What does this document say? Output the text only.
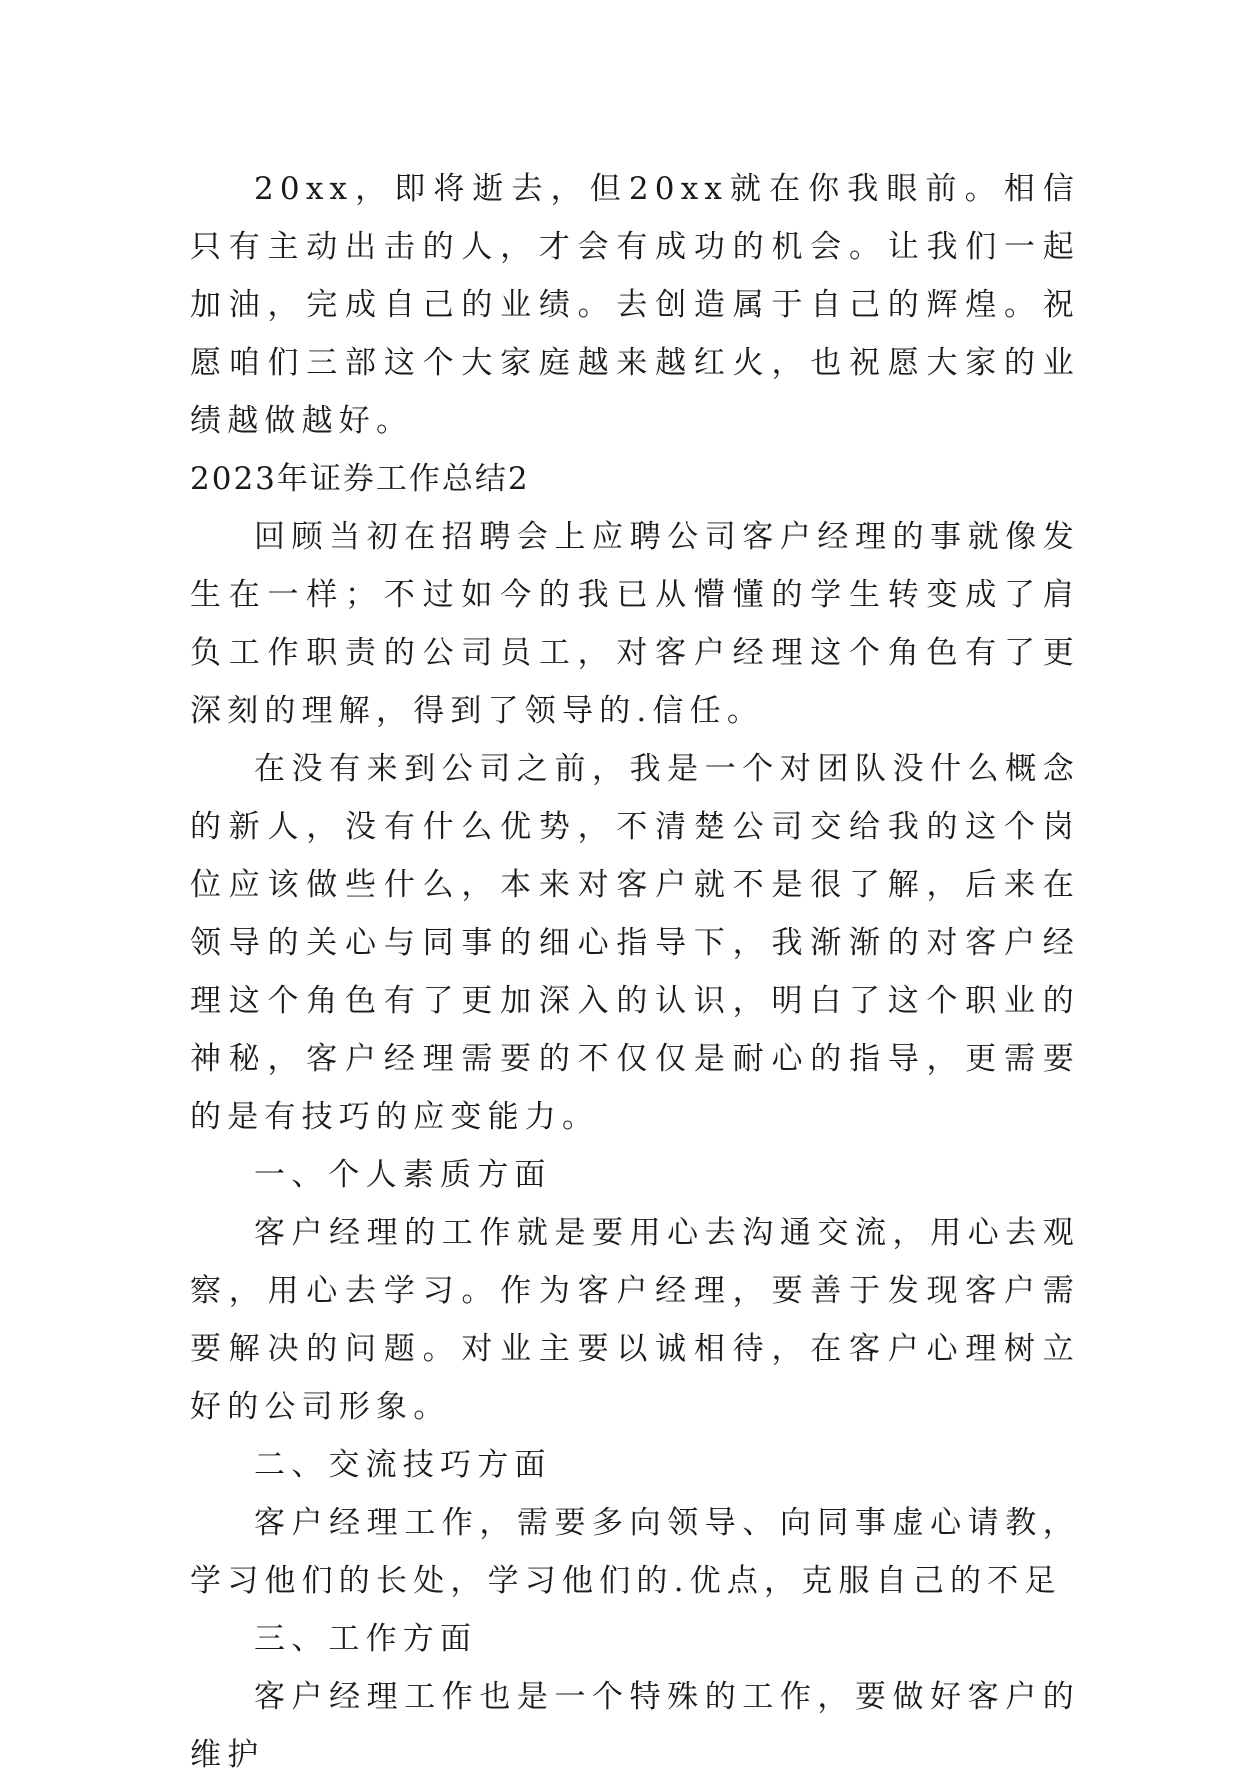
20xx，即将逝去，但20xx就在你我眼前。相信只有主动出击的人，才会有成功的机会。让我们一起加油，完成自己的业绩。去创造属于自己的辉煌。祝愿咱们三部这个大家庭越来越红火，也祝愿大家的业绩越做越好。

2023年证券工作总结2

回顾当初在招聘会上应聘公司客户经理的事就像发生在一样；不过如今的我已从懵懂的学生转变成了肩负工作职责的公司员工，对客户经理这个角色有了更深刻的理解，得到了领导的.信任。

在没有来到公司之前，我是一个对团队没什么概念的新人，没有什么优势，不清楚公司交给我的这个岗位应该做些什么，本来对客户就不是很了解，后来在领导的关心与同事的细心指导下，我渐渐的对客户经理这个角色有了更加深入的认识，明白了这个职业的神秘，客户经理需要的不仅仅是耐心的指导，更需要的是有技巧的应变能力。

一、个人素质方面

客户经理的工作就是要用心去沟通交流，用心去观察，用心去学习。作为客户经理，要善于发现客户需要解决的问题。对业主要以诚相待，在客户心理树立好的公司形象。

二、交流技巧方面

客户经理工作，需要多向领导、向同事虚心请教，学习他们的长处，学习他们的.优点，克服自己的不足

三、工作方面

客户经理工作也是一个特殊的工作，要做好客户的维护
